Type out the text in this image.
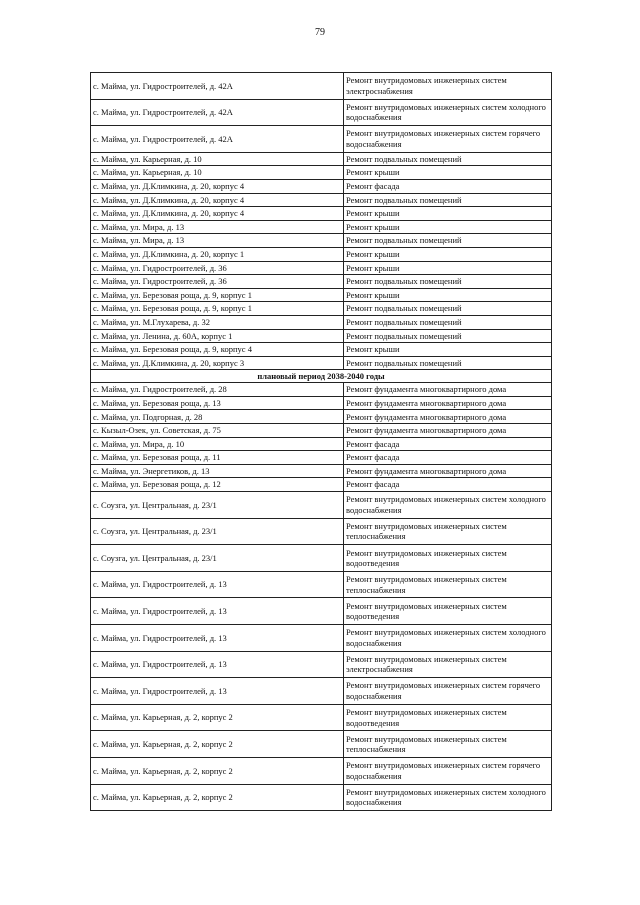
79
с. Майма, ул. Гидростроителей, д. 42А	Ремонт внутридомовых инженерных систем электроснабжения
с. Майма, ул. Гидростроителей, д. 42А	Ремонт внутридомовых инженерных систем холодного водоснабжения
с. Майма, ул. Гидростроителей, д. 42А	Ремонт внутридомовых инженерных систем горячего водоснабжения
с. Майма, ул. Карьерная, д. 10	Ремонт подвальных помещений
с. Майма, ул. Карьерная, д. 10	Ремонт крыши
с. Майма, ул. Д.Климкина, д. 20, корпус 4	Ремонт фасада
с. Майма, ул. Д.Климкина, д. 20, корпус 4	Ремонт подвальных помещений
с. Майма, ул. Д.Климкина, д. 20, корпус 4	Ремонт крыши
с. Майма, ул. Мира, д. 13	Ремонт крыши
с. Майма, ул. Мира, д. 13	Ремонт подвальных помещений
с. Майма, ул. Д.Климкина, д. 20, корпус 1	Ремонт крыши
с. Майма, ул. Гидростроителей, д. 36	Ремонт крыши
с. Майма, ул. Гидростроителей, д. 36	Ремонт подвальных помещений
с. Майма, ул. Березовая роща, д. 9, корпус 1	Ремонт крыши
с. Майма, ул. Березовая роща, д. 9, корпус 1	Ремонт подвальных помещений
с. Майма, ул. М.Глухарева, д. 32	Ремонт подвальных помещений
с. Майма, ул. Ленина, д. 60А, корпус 1	Ремонт подвальных помещений
с. Майма, ул. Березовая роща, д. 9, корпус 4	Ремонт крыши
с. Майма, ул. Д.Климкина, д. 20, корпус 3	Ремонт подвальных помещений
плановый период 2038-2040 годы	
с. Майма, ул. Гидростроителей, д. 28	Ремонт фундамента многоквартирного дома
с. Майма, ул. Березовая роща, д. 13	Ремонт фундамента многоквартирного дома
с. Майма, ул. Подгорная, д. 28	Ремонт фундамента многоквартирного дома
с. Кызыл-Озек, ул. Советская, д. 75	Ремонт фундамента многоквартирного дома
с. Майма, ул. Мира, д. 10	Ремонт фасада
с. Майма, ул. Березовая роща, д. 11	Ремонт фасада
с. Майма, ул. Энергетиков, д. 13	Ремонт фундамента многоквартирного дома
с. Майма, ул. Березовая роща, д. 12	Ремонт фасада
с. Соузга, ул. Центральная, д. 23/1	Ремонт внутридомовых инженерных систем холодного водоснабжения
с. Соузга, ул. Центральная, д. 23/1	Ремонт внутридомовых инженерных систем теплоснабжения
с. Соузга, ул. Центральная, д. 23/1	Ремонт внутридомовых инженерных систем водоотведения
с. Майма, ул. Гидростроителей, д. 13	Ремонт внутридомовых инженерных систем теплоснабжения
с. Майма, ул. Гидростроителей, д. 13	Ремонт внутридомовых инженерных систем водоотведения
с. Майма, ул. Гидростроителей, д. 13	Ремонт внутридомовых инженерных систем холодного водоснабжения
с. Майма, ул. Гидростроителей, д. 13	Ремонт внутридомовых инженерных систем электроснабжения
с. Майма, ул. Гидростроителей, д. 13	Ремонт внутридомовых инженерных систем горячего водоснабжения
с. Майма, ул. Карьерная, д. 2, корпус 2	Ремонт внутридомовых инженерных систем водоотведения
с. Майма, ул. Карьерная, д. 2, корпус 2	Ремонт внутридомовых инженерных систем теплоснабжения
с. Майма, ул. Карьерная, д. 2, корпус 2	Ремонт внутридомовых инженерных систем горячего водоснабжения
с. Майма, ул. Карьерная, д. 2, корпус 2	Ремонт внутридомовых инженерных систем холодного водоснабжения
